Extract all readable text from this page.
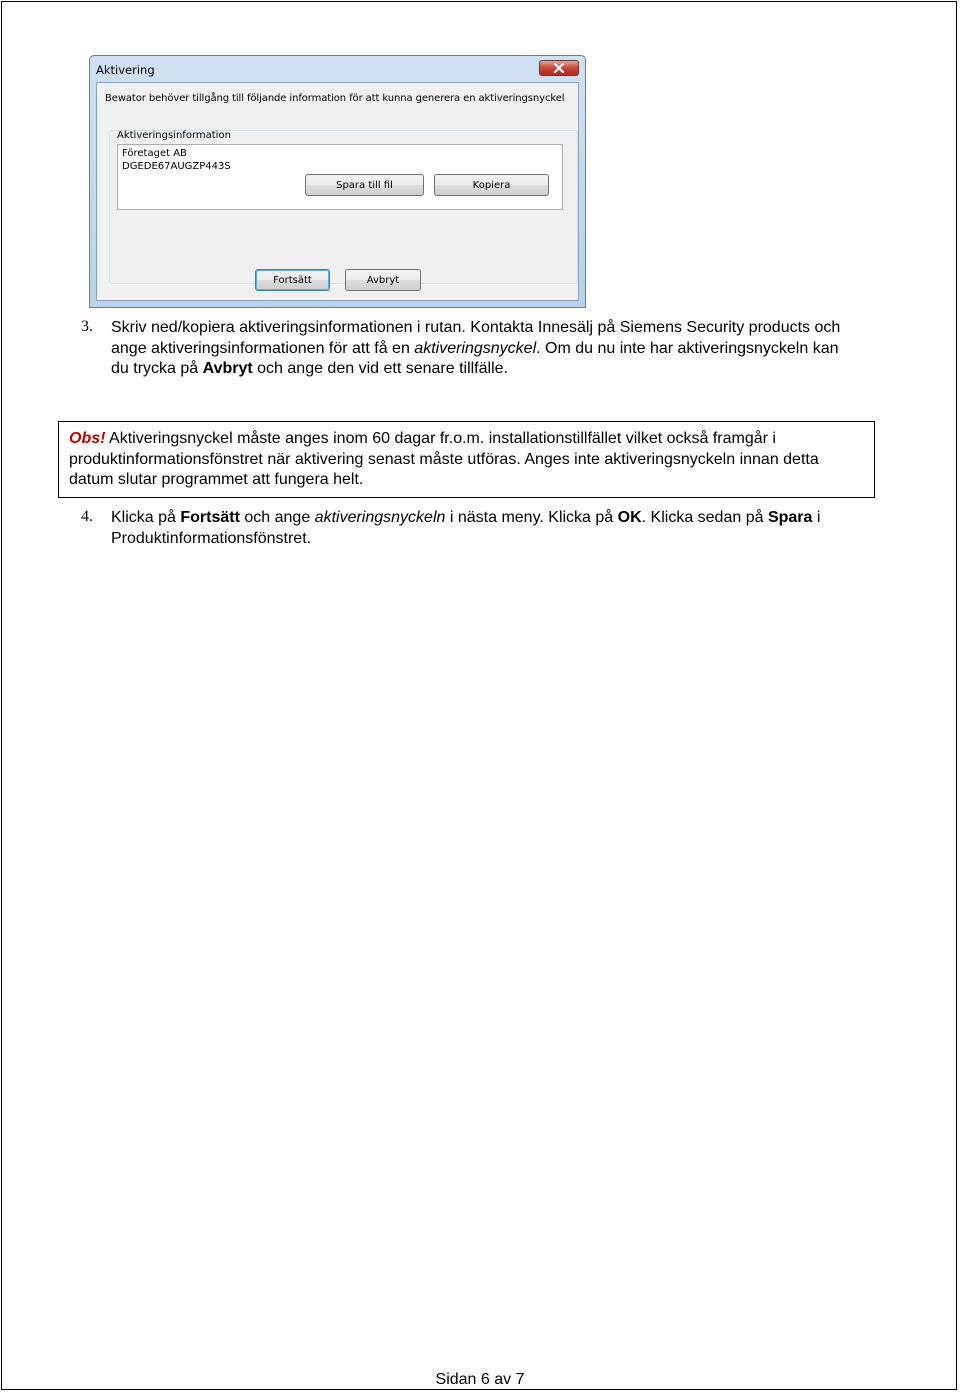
Aktivering
Bewator behöver tillgång till följande information för att kunna generera en aktiveringsnyckel
Aktiveringsinformation
Företaget AB
DGEDE67AUGZP443S
Spara till fil	Kopiera
Fortsätt	Avbryt
3. Skriv ned/kopiera aktiveringsinformationen i rutan. Kontakta Innesälj på Siemens Security products och ange aktiveringsinformationen för att få en aktiveringsnyckel. Om du nu inte har aktiveringsnyckeln kan du trycka på Avbryt och ange den vid ett senare tillfälle.
Obs! Aktiveringsnyckel måste anges inom 60 dagar fr.o.m. installationstillfället vilket också framgår i produktinformationsfönstret när aktivering senast måste utföras. Anges inte aktiveringsnyckeln innan detta datum slutar programmet att fungera helt.
4. Klicka på Fortsätt och ange aktiveringsnyckeln i nästa meny. Klicka på OK. Klicka sedan på Spara i Produktinformationsfönstret.
Sidan 6 av 7
